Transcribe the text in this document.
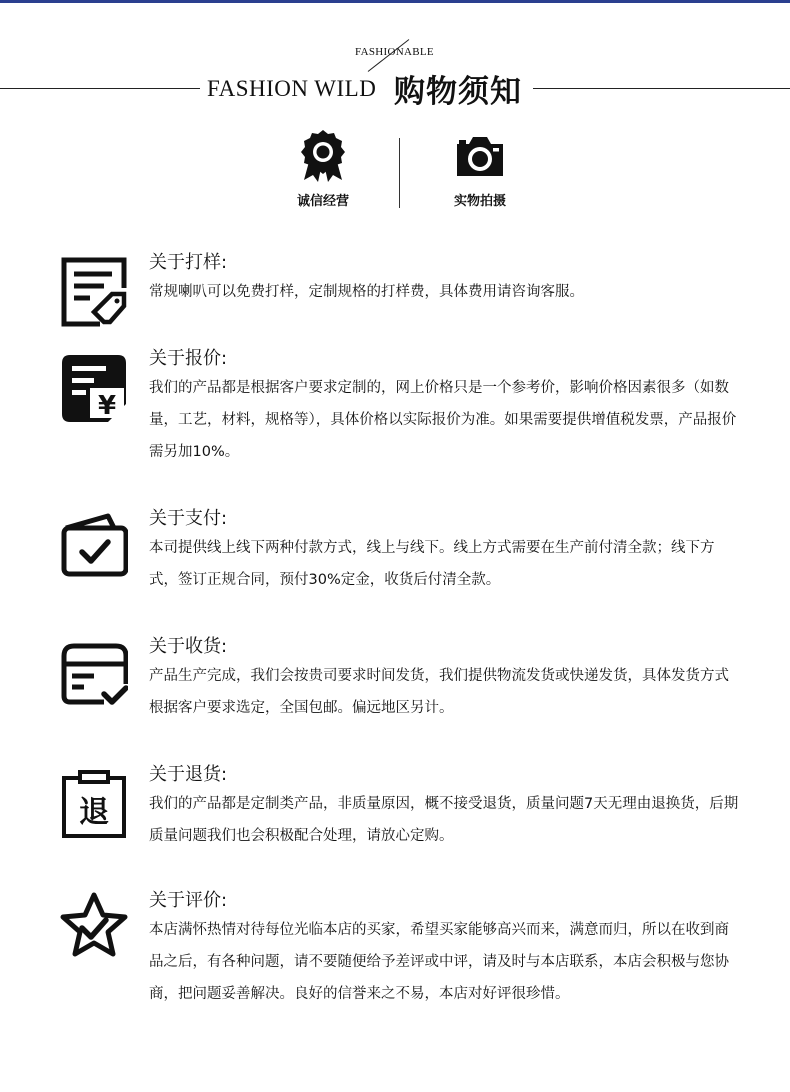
FASHIONABLE
FASHION WILD 购物须知
诚信经营	实物拍摄
关于打样:
常规喇叭可以免费打样，定制规格的打样费，具体费用请咨询客服。
¥
关于报价:
我们的产品都是根据客户要求定制的，网上价格只是一个参考价，影响价格因素很多（如数量，工艺，材料，规格等），具体价格以实际报价为准。如果需要提供增值税发票，产品报价需另加10%。
关于支付:
本司提供线上线下两种付款方式，线上与线下。线上方式需要在生产前付清全款；线下方式，签订正规合同，预付30%定金，收货后付清全款。
关于收货:
产品生产完成，我们会按贵司要求时间发货，我们提供物流发货或快递发货，具体发货方式根据客户要求选定，全国包邮。偏远地区另计。
退
关于退货:
我们的产品都是定制类产品，非质量原因，概不接受退货，质量问题7天无理由退换货，后期质量问题我们也会积极配合处理，请放心定购。
关于评价:
本店满怀热情对待每位光临本店的买家，希望买家能够高兴而来，满意而归，所以在收到商品之后，有各种问题，请不要随便给予差评或中评，请及时与本店联系，本店会积极与您协商，把问题妥善解决。良好的信誉来之不易，本店对好评很珍惜。
